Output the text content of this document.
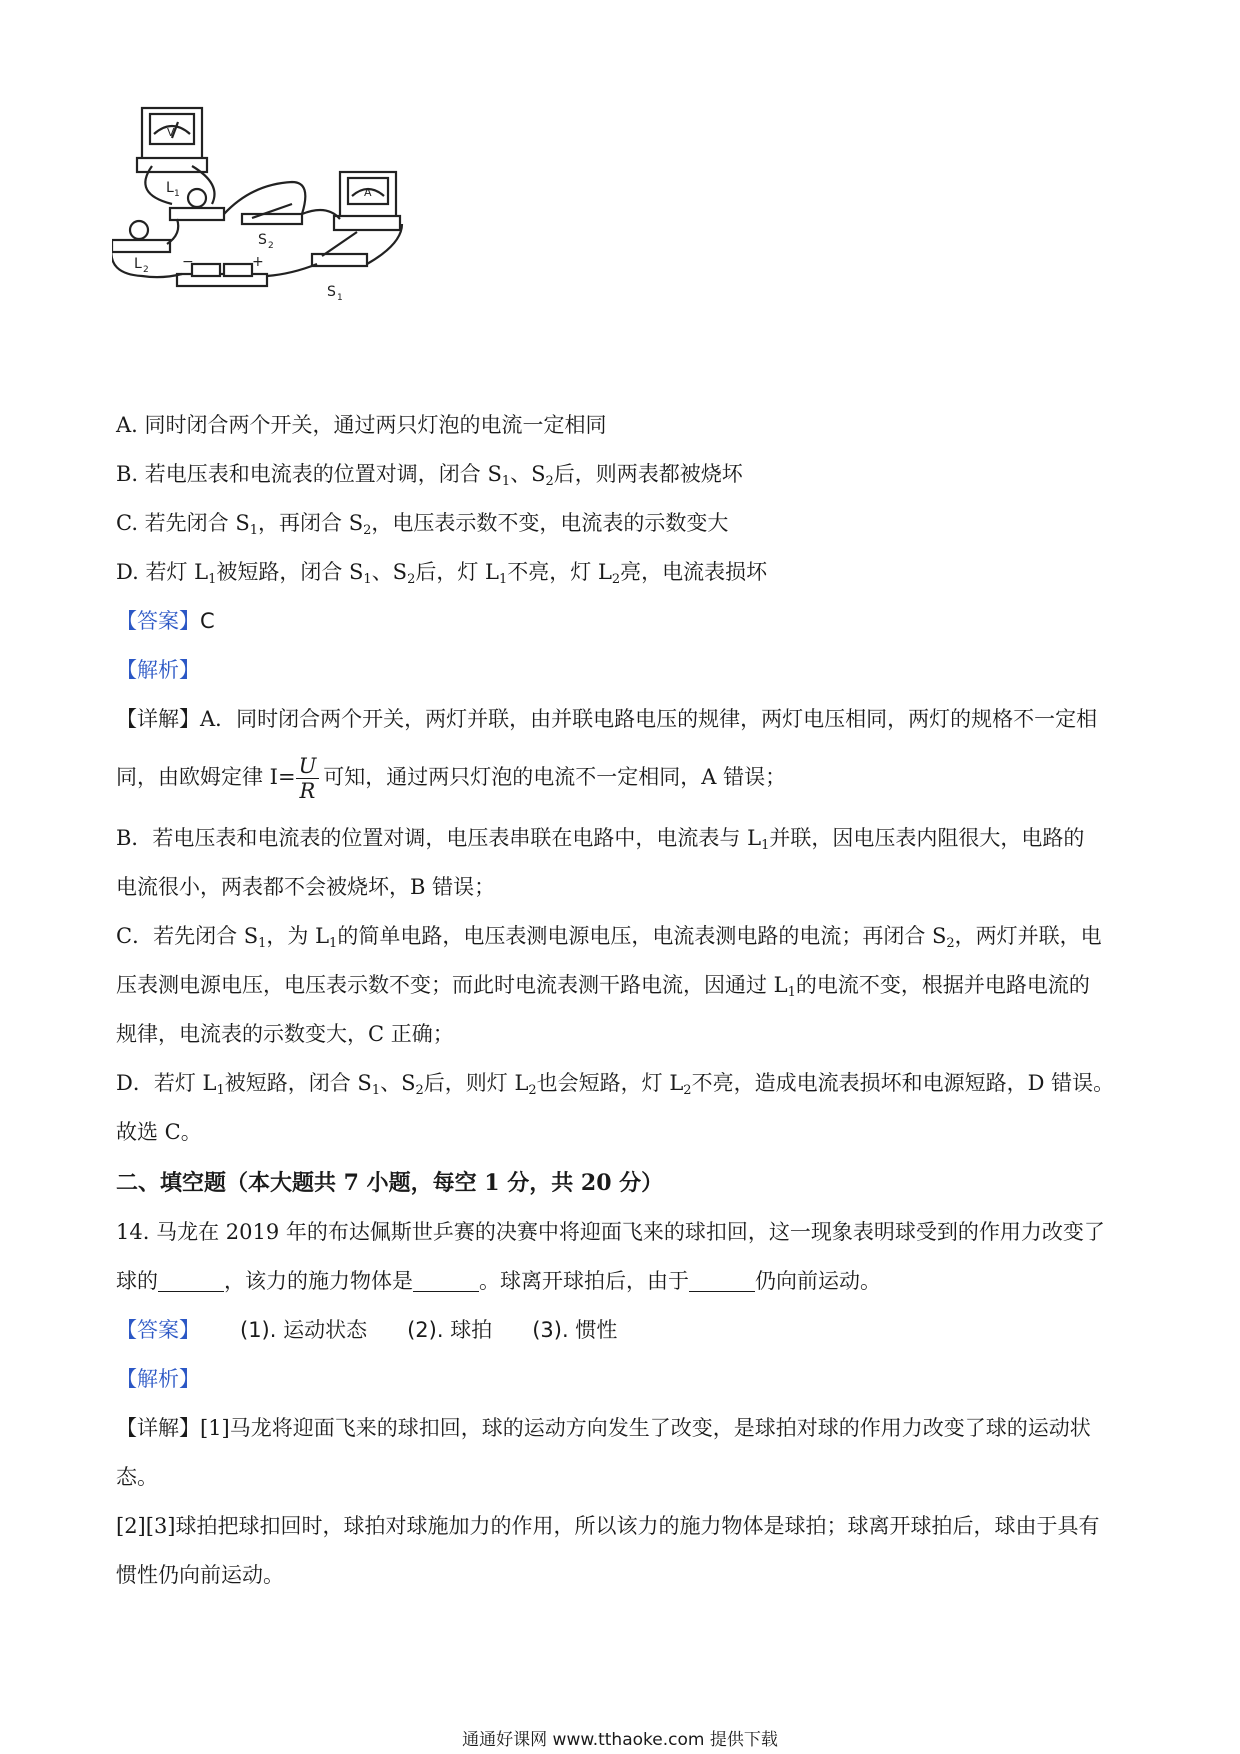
L 1
L 2
S 2
S 1
−	+
V
A
A. 同时闭合两个开关，通过两只灯泡的电流一定相同
B. 若电压表和电流表的位置对调，闭合 $S_1$、$S_2$后，则两表都被烧坏
C. 若先闭合 $S_1$，再闭合 $S_2$，电压表示数不变，电流表的示数变大
D. 若灯 $L_1$被短路，闭合 $S_1$、$S_2$后，灯 $L_1$不亮，灯 $L_2$亮，电流表损坏
【答案】C
【解析】
【详解】A．同时闭合两个开关，两灯并联，由并联电路电压的规律，两灯电压相同，两灯的规格不一定相
同，由欧姆定律 $I= \frac{U}{R}$ 可知，通过两只灯泡的电流不一定相同，A 错误；
B．若电压表和电流表的位置对调，电压表串联在电路中，电流表与 $L_1$并联，因电压表内阻很大，电路的
电流很小，两表都不会被烧坏，B 错误；
C．若先闭合 $S_1$，为 $L_1$的简单电路，电压表测电源电压，电流表测电路的电流；再闭合 $S_2$，两灯并联，电
压表测电源电压，电压表示数不变；而此时电流表测干路电流，因通过 $L_1$的电流不变，根据并电路电流的
规律，电流表的示数变大，C 正确；
D．若灯 $L_1$被短路，闭合 $S_1$、$S_2$后，则灯 $L_2$也会短路，灯 $L_2$不亮，造成电流表损坏和电源短路，D 错误。
故选 C。
二、填空题（本大题共 7 小题，每空 1 分，共 20 分）
14. 马龙在 2019 年的布达佩斯世乒赛的决赛中将迎面飞来的球扣回，这一现象表明球受到的作用力改变了
球的	，该力的施力物体是	。球离开球拍后，由于	仍向前运动。
【答案】 (1). 运动状态 (2). 球拍 (3). 惯性
【解析】
【详解】[1]马龙将迎面飞来的球扣回，球的运动方向发生了改变，是球拍对球的作用力改变了球的运动状
态。
[2][3]球拍把球扣回时，球拍对球施加力的作用，所以该力的施力物体是球拍；球离开球拍后，球由于具有
惯性仍向前运动。
通通好课网 www.tthaoke.com 提供下载
